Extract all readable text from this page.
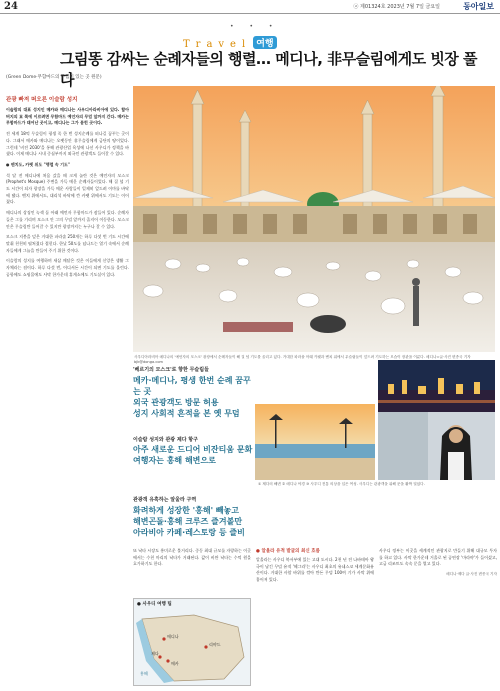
24	ⓐ 제01324호 2023년 7월 7일 금요일	동아일보
• • •
Travel 여행
그림똥 감싸는 순례자들의 행렬… 메디나, 非무슬림에게도 빗장 풀다
(Green Dome·무함마드의 무덤이 있는 곳 원문)
관광 빠져 떠오른 이슬람 성지

이슬람의 대표 성지인 메카와 메디나는 사우디아라비아에 있다. 할아버지의 묘 쪽에 이르려면 무함마드 예언자의 무덤 앞까지 간다. 메카는 무함마드가 태어난 곳이고, 메디나는 그가 묻힌 곳이다.

전 세계 18억 무슬림이 평생 꼭 한 번 성지순례를 떠나길 꿈꾸는 곳이다. 그래서 메카와 메디나는 오랫동안 非무슬림에게 금단의 땅이었다. 그런데 '비전 2030'을 통해 관광산업 육성에 나선 사우디가 정책을 바꿨다. 이제 메디나 시내 중심부까지 외국인 관광객도 들어갈 수 있다.

● 벤치도, 카펫 위도 "행렬 속 기도"

석 달 전 메디나에 처음 갔을 때 크게 놀란 것은 예언자의 모스크(Prophet's Mosque) 주변을 가득 메운 순례자들이었다. 해 질 녘 기도 시간이 되자 광장을 가득 메운 사람들이 일제히 엎드려 이마를 바닥에 댔다. 벤치 위에서도, 대리석 바닥에 깐 카펫 위에서도 기도는 이어졌다.

메디나의 상징인 녹색 돔 아래 예언자 무함마드가 잠들어 있다. 순례자들은 그를 기리며 모스크 안 그의 무덤 앞까지 줄지어 이동한다. 모스크 안은 무슬림만 들어갈 수 있지만 광장까지는 누구나 갈 수 있다.

모스크 지붕을 덮은 거대한 파라솔 250개는 하루 다섯 번 기도 시간에 맞춰 천천히 펼쳐졌다 접힌다. 한낮 50도를 넘나드는 열기 속에서 순례자들에게 그늘을 만들어 주기 위한 것이다.

이슬람의 성지를 여행하며 새삼 깨달은 것은 이들에게 신앙은 생활 그 자체라는 점이다. 하루 다섯 번, 어디서든 시간이 되면 기도를 올린다. 공항에도 쇼핑몰에도 사막 한가운데 휴게소에도 기도실이 있다.

사우디아라비아 메디나의 '예언자의 모스크' 광장에서 순례자들이 해 질 녘 기도를 올리고 있다. 거대한 파라솔 아래 카펫과 벤치 위에서 무슬림들이 엎드려 기도하는 모습이 장관을 이룬다. 메디나=글·사진 변종국 기자 bjk@donga.com
'베르기의 모스크'로 향한 무슬림들
메카·메디나, 평생 한번 순례 꿈꾸는 곳
외국 관광객도 방문 허용
성지 사회적 흔적을 본 옛 무덤
이슬람 성지와 관광 제다 항구
아주 새로운 드디어 비잔티움 문화
여행자는 홍해 해변으로
① 제다의 해변 ② 메디나 야경 ③ 사우디 전통 의상을 입은 여성. 사우디는 관광객을 위해 문을 활짝 열었다.
관광객 유혹하는 알울라 구역
화려하게 성장한 '홍해' 빼놓고
해변곤돌·홍해 크루즈 즐겨볼만
아라비아 카페·레스토랑 등 즐비

또 낙타 시장도 흥미로운 볼거리다. 중동 최대 규모를 자랑하는 이곳에서는 수천 마리의 낙타가 거래된다. 값이 비싼 낙타는 수억 원을 호가하기도 한다.

● 사우디 여행 팁
메디나
제다
메카
리야드
홍해
● 알울라 유적 발굴의 최신 흐름

알울라는 사우디 북서부에 있는 고대 도시다. 2천 년 전 나바테아 왕국이 남긴 무덤 유적 '헤그라'는 사우디 최초의 유네스코 세계문화유산이다. 거대한 사암 바위를 깎아 만든 무덤 100여 기가 사막 위에 흩어져 있다.

사우디 정부는 이곳을 세계적인 관광지로 만들기 위해 대규모 투자를 하고 있다. 사막 한가운데 거울로 된 공연장 '마라야'가 들어섰고, 고급 리조트도 속속 문을 열고 있다.

메디나·제다 글·사진 변종국 기자
